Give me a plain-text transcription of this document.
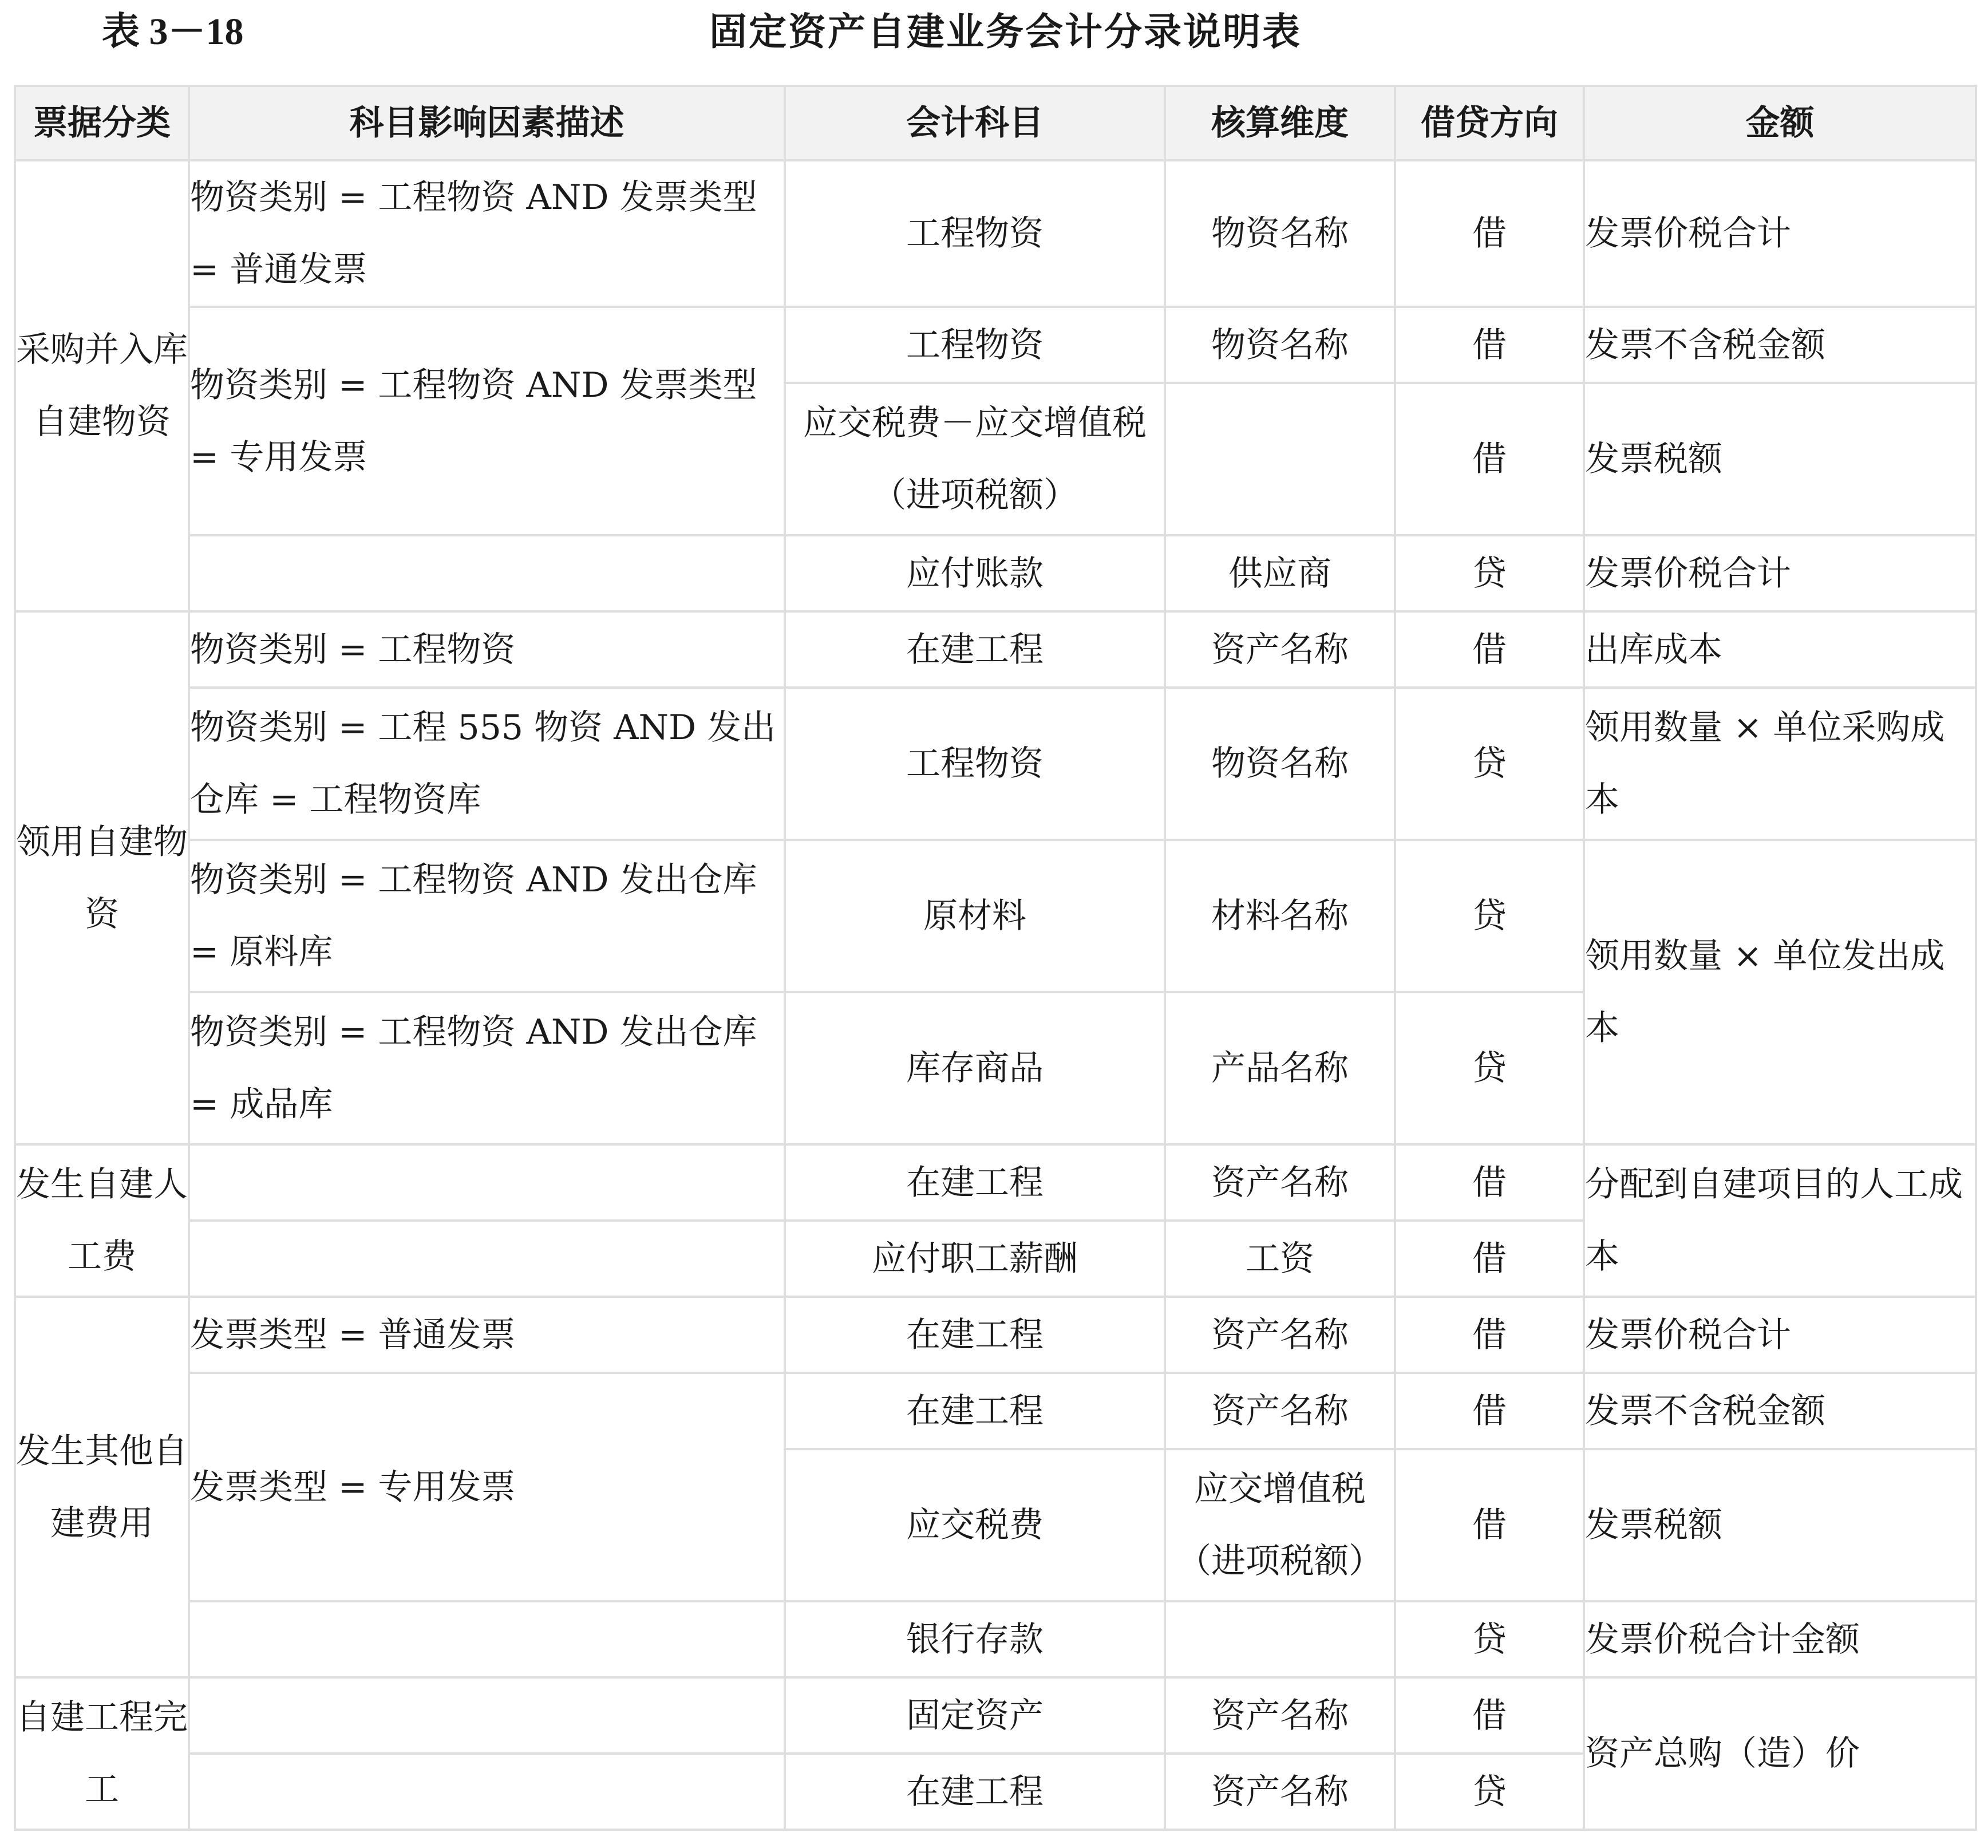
表 3－18	固定资产自建业务会计分录说明表
票据分类	科目影响因素描述	会计科目	核算维度	借贷方向	金额
采购并入库自建物资	物资类别 = 工程物资 AND 发票类型 = 普通发票	工程物资	物资名称	借	发票价税合计
	物资类别 = 工程物资 AND 发票类型 = 专用发票	工程物资	物资名称	借	发票不含税金额
		应交税费－应交增值税（进项税额）		借	发票税额
		应付账款	供应商	贷	发票价税合计
领用自建物资	物资类别 = 工程物资	在建工程	资产名称	借	出库成本
	物资类别 = 工程 555 物资 AND 发出仓库 = 工程物资库	工程物资	物资名称	贷	领用数量 × 单位采购成本
	物资类别 = 工程物资 AND 发出仓库 = 原料库	原材料	材料名称	贷	领用数量 × 单位发出成本
	物资类别 = 工程物资 AND 发出仓库 = 成品库	库存商品	产品名称	贷	
发生自建人工费		在建工程	资产名称	借	分配到自建项目的人工成本
		应付职工薪酬	工资	借	
发生其他自建费用	发票类型 = 普通发票	在建工程	资产名称	借	发票价税合计
	发票类型 = 专用发票	在建工程	资产名称	借	发票不含税金额
		应交税费	应交增值税（进项税额）	借	发票税额
		银行存款		贷	发票价税合计金额
自建工程完工		固定资产	资产名称	借	资产总购（造）价
		在建工程	资产名称	贷	
